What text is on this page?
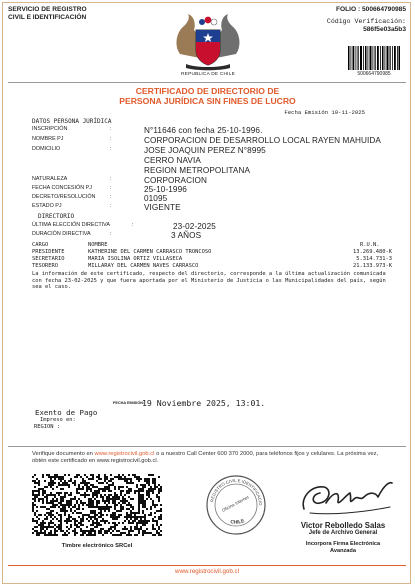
SERVICIO DE REGISTRO
CIVIL E IDENTIFICACIÓN
FOLIO : 500664790985
Código Verificación:
586f5e03a5b3
REPUBLICA DE CHILE	500664790985
CERTIFICADO DE DIRECTORIO DE
PERSONA JURÍDICA SIN FINES DE LUCRO
Fecha Emisión 19-11-2025
DATOS PERSONA JURÍDICA
INSCRIPCIÓN	:	N°11646 con fecha 25-10-1996.
NOMBRE PJ	:	CORPORACION DE DESARROLLO LOCAL RAYEN MAHUIDA
DOMICILIO	:	JOSE JOAQUIN PEREZ N°8995
CERRO NAVIA
REGION METROPOLITANA
NATURALEZA	:	CORPORACION
FECHA CONCESIÓN PJ	:	25-10-1996
DECRETO/RESOLUCIÓN	:	01095
ESTADO PJ	:	VIGENTE
DIRECTORIO
ÚLTIMA ELECCIÓN DIRECTIVA	:	23-02-2025
DURACIÓN DIRECTIVA	:	3 AÑOS
CARGO	NOMBRE	R.U.N.
PRESIDENTE	KATHERINE DEL CARMEN CARRASCO TRONCOSO	13.269.480-K
SECRETARIO	MARIA ISOLINA ORTIZ VILLASECA	5.314.731-3
TESORERO	MILLARAY DEL CARMEN NAVES CARRASCO	21.133.973-K
La información de este certificado, respecto del directorio, corresponde a la última actualización comunicada con fecha 23-02-2025 y que fuera aportada por el Ministerio de Justicia o las Municipalidades del país, según sea el caso.
FECHA EMISIÓN:
19 Noviembre 2025, 13:01.
Exento de Pago
Impreso en:
REGION :
Verifique documento en www.registrocivil.gob.cl o a nuestro Call Center 600 370 2000, para teléfonos fijos y celulares. La próxima vez, obtén este certificado en www.registrocivil.gob.cl.
Timbre electrónico SRCeI
REGISTRO CIVIL E IDENTIFICACIO
Oficina Internet
CHILE	Victor Rebolledo Salas
Jefe de Archivo General
Incorpora Firma Electrónica
Avanzada
www.registrocivil.gob.cl
